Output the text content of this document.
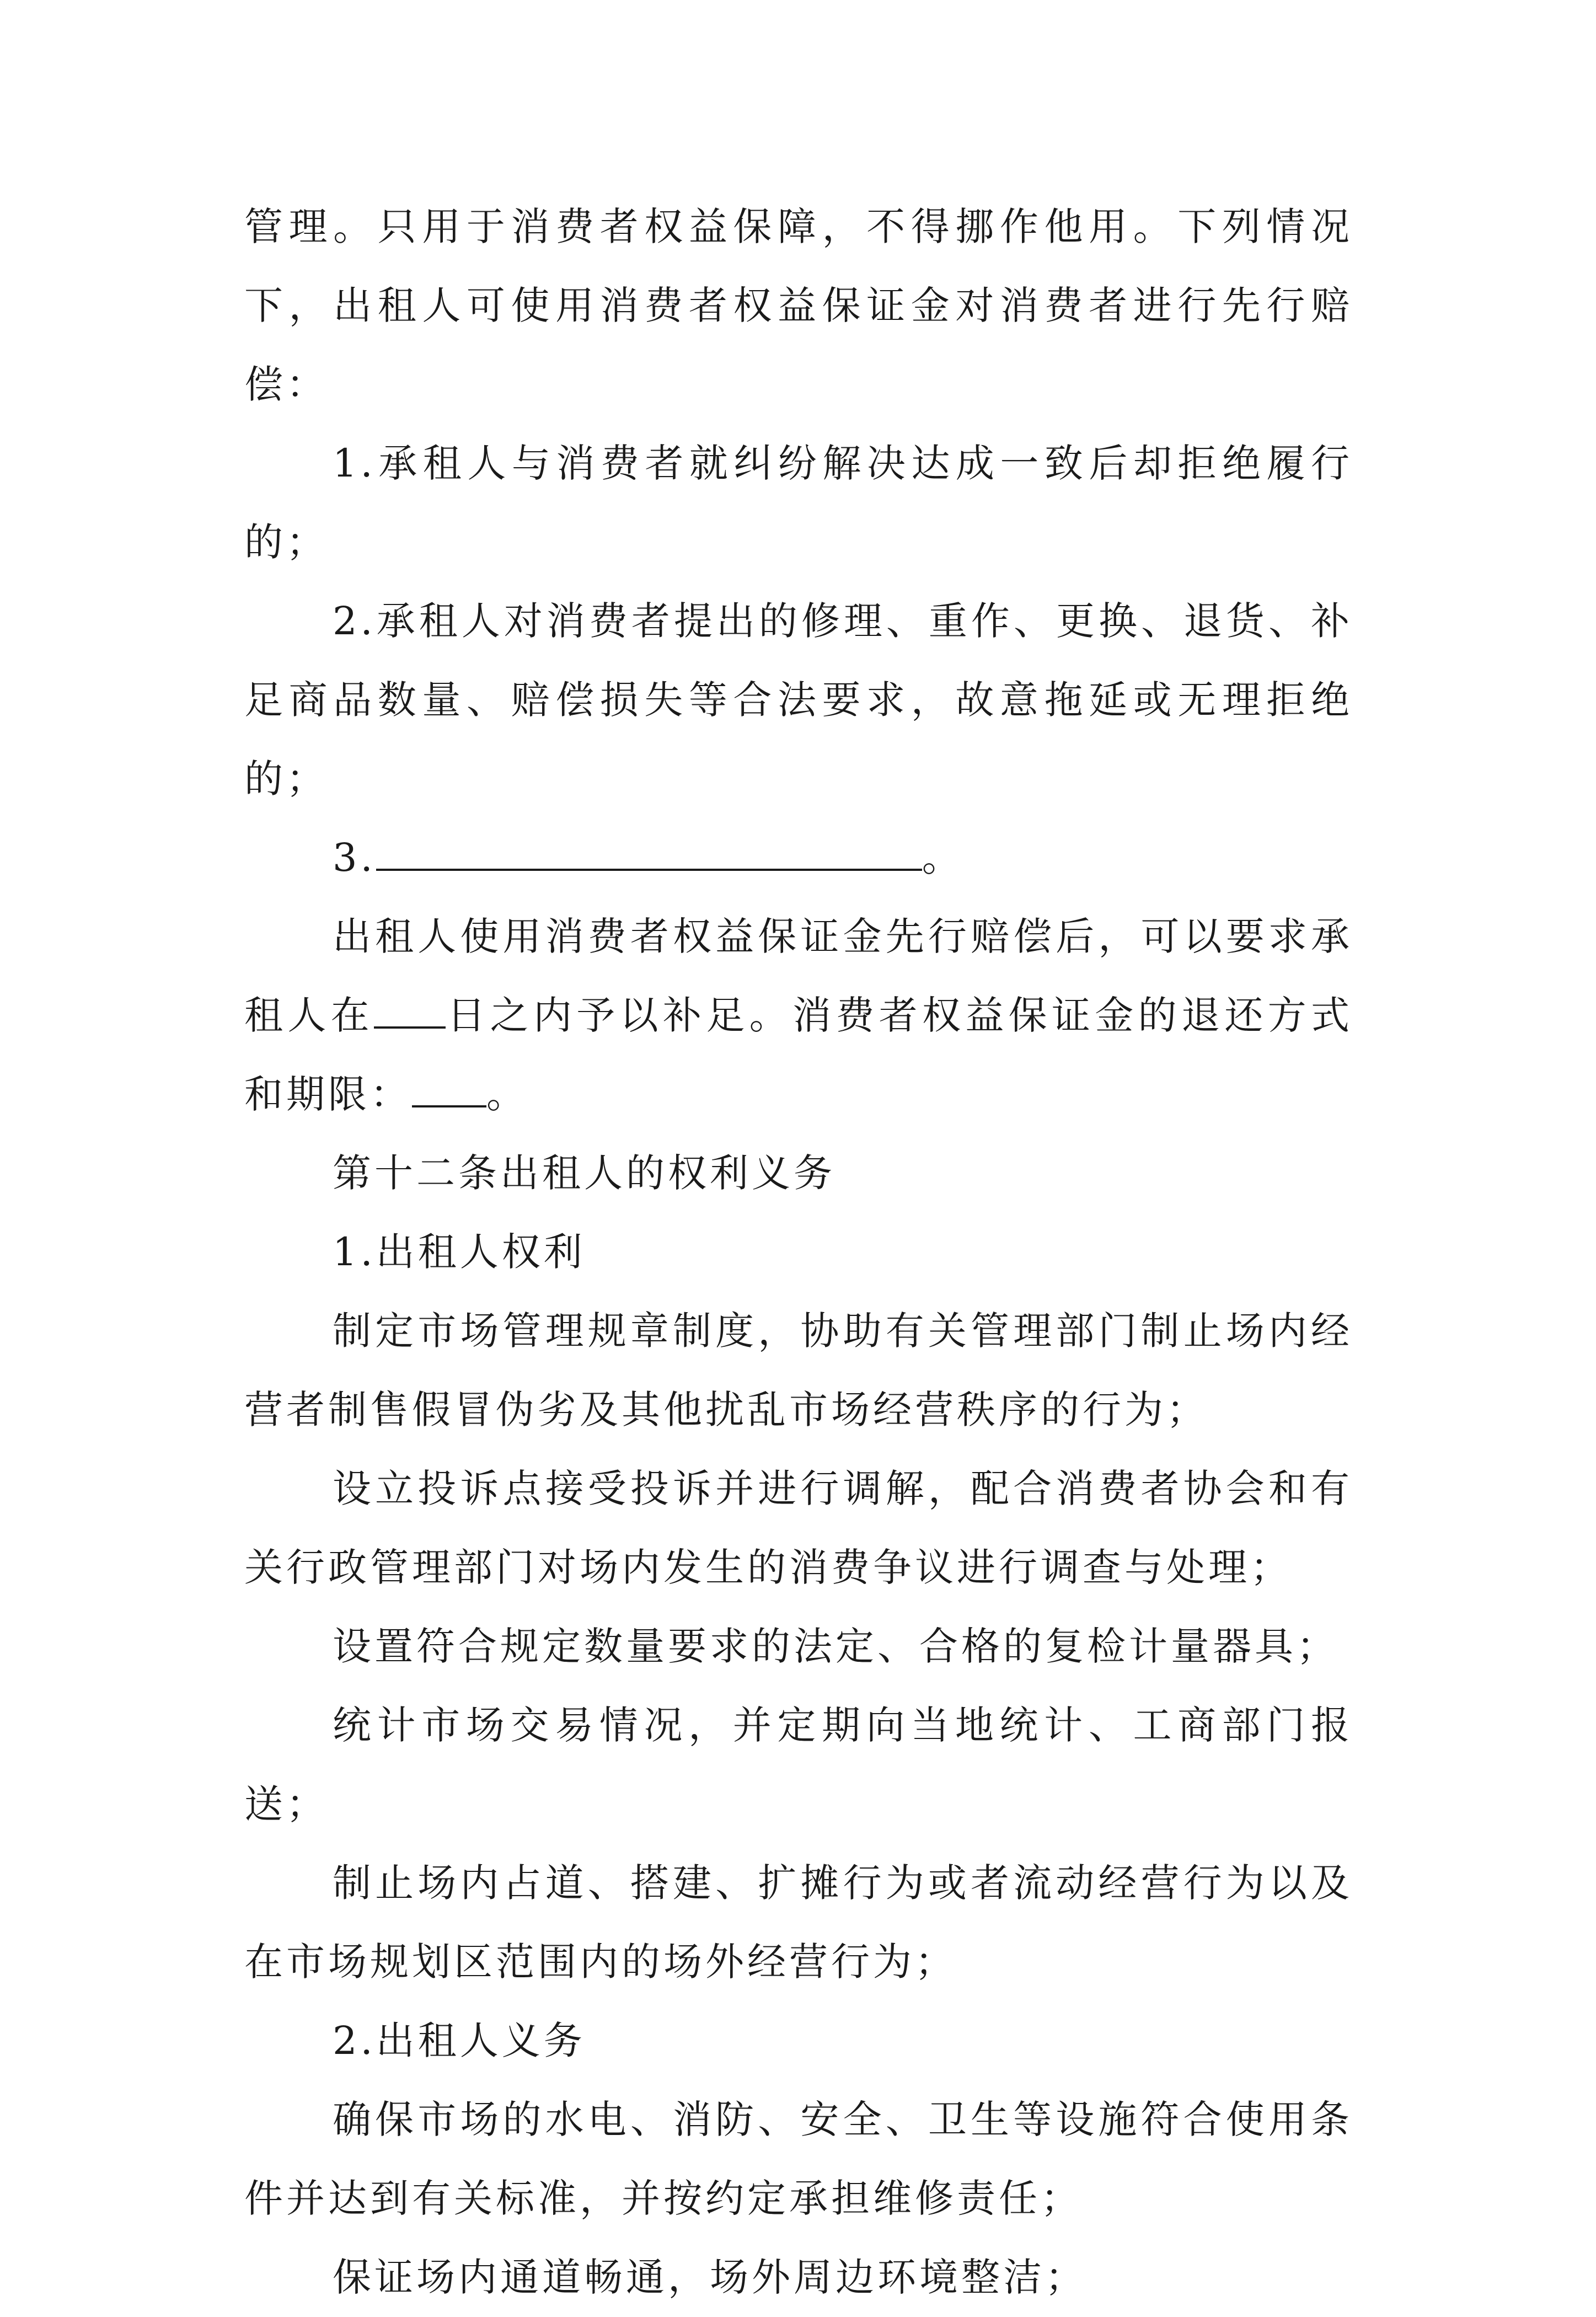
管理。只用于消费者权益保障，不得挪作他用。下列情况下，出租人可使用消费者权益保证金对消费者进行先行赔偿：

1.承租人与消费者就纠纷解决达成一致后却拒绝履行的；

2.承租人对消费者提出的修理、重作、更换、退货、补足商品数量、赔偿损失等合法要求，故意拖延或无理拒绝的；

3.	。

出租人使用消费者权益保证金先行赔偿后，可以要求承租人在 日之内予以补足。消费者权益保证金的退还方式和期限： 。

第十二条出租人的权利义务

1.出租人权利

制定市场管理规章制度，协助有关管理部门制止场内经营者制售假冒伪劣及其他扰乱市场经营秩序的行为；

设立投诉点接受投诉并进行调解，配合消费者协会和有关行政管理部门对场内发生的消费争议进行调查与处理；

设置符合规定数量要求的法定、合格的复检计量器具；

统计市场交易情况，并定期向当地统计、工商部门报送；

制止场内占道、搭建、扩摊行为或者流动经营行为以及在市场规划区范围内的场外经营行为；

2.出租人义务

确保市场的水电、消防、安全、卫生等设施符合使用条件并达到有关标准，并按约定承担维修责任；

保证场内通道畅通，场外周边环境整洁；
